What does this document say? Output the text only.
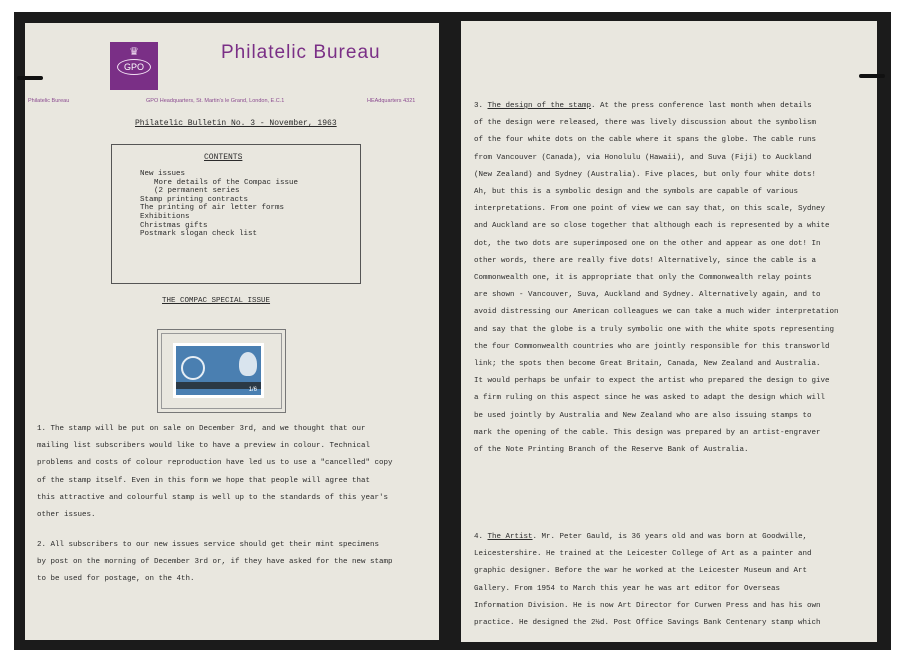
♛
GPO
Philatelic Bureau
Philatelic Bureau	GPO Headquarters, St. Martin's le Grand, London, E.C.1	HEAdquarters 4321
Philatelic Bulletin No. 3 - November, 1963
CONTENTS
New issues
More details of the Compac issue
(2 permanent series
Stamp printing contracts
The printing of air letter forms
Exhibitions
Christmas gifts
Postmark slogan check list
THE COMPAC SPECIAL ISSUE
1/6
1. The stamp will be put on sale on December 3rd, and we thought that our
mailing list subscribers would like to have a preview in colour. Technical
problems and costs of colour reproduction have led us to use a "cancelled" copy
of the stamp itself. Even in this form we hope that people will agree that
this attractive and colourful stamp is well up to the standards of this year's
other issues.
2. All subscribers to our new issues service should get their mint specimens
by post on the morning of December 3rd or, if they have asked for the new stamp
to be used for postage, on the 4th.
3. The design of the stamp. At the press conference last month when details
of the design were released, there was lively discussion about the symbolism
of the four white dots on the cable where it spans the globe. The cable runs
from Vancouver (Canada), via Honolulu (Hawaii), and Suva (Fiji) to Auckland
(New Zealand) and Sydney (Australia). Five places, but only four white dots!
Ah, but this is a symbolic design and the symbols are capable of various
interpretations. From one point of view we can say that, on this scale, Sydney
and Auckland are so close together that although each is represented by a white
dot, the two dots are superimposed one on the other and appear as one dot! In
other words, there are really five dots! Alternatively, since the cable is a
Commonwealth one, it is appropriate that only the Commonwealth relay points
are shown - Vancouver, Suva, Auckland and Sydney. Alternatively again, and to
avoid distressing our American colleagues we can take a much wider interpretation
and say that the globe is a truly symbolic one with the white spots representing
the four Commonwealth countries who are jointly responsible for this transworld
link; the spots then become Great Britain, Canada, New Zealand and Australia.
It would perhaps be unfair to expect the artist who prepared the design to give
a firm ruling on this aspect since he was asked to adapt the design which will
be used jointly by Australia and New Zealand who are also issuing stamps to
mark the opening of the cable. This design was prepared by an artist-engraver
of the Note Printing Branch of the Reserve Bank of Australia.
4. The Artist. Mr. Peter Gauld, is 36 years old and was born at Goodwille,
Leicestershire. He trained at the Leicester College of Art as a painter and
graphic designer. Before the war he worked at the Leicester Museum and Art
Gallery. From 1954 to March this year he was art editor for Overseas
Information Division. He is now Art Director for Curwen Press and has his own
practice. He designed the 2½d. Post Office Savings Bank Centenary stamp which
